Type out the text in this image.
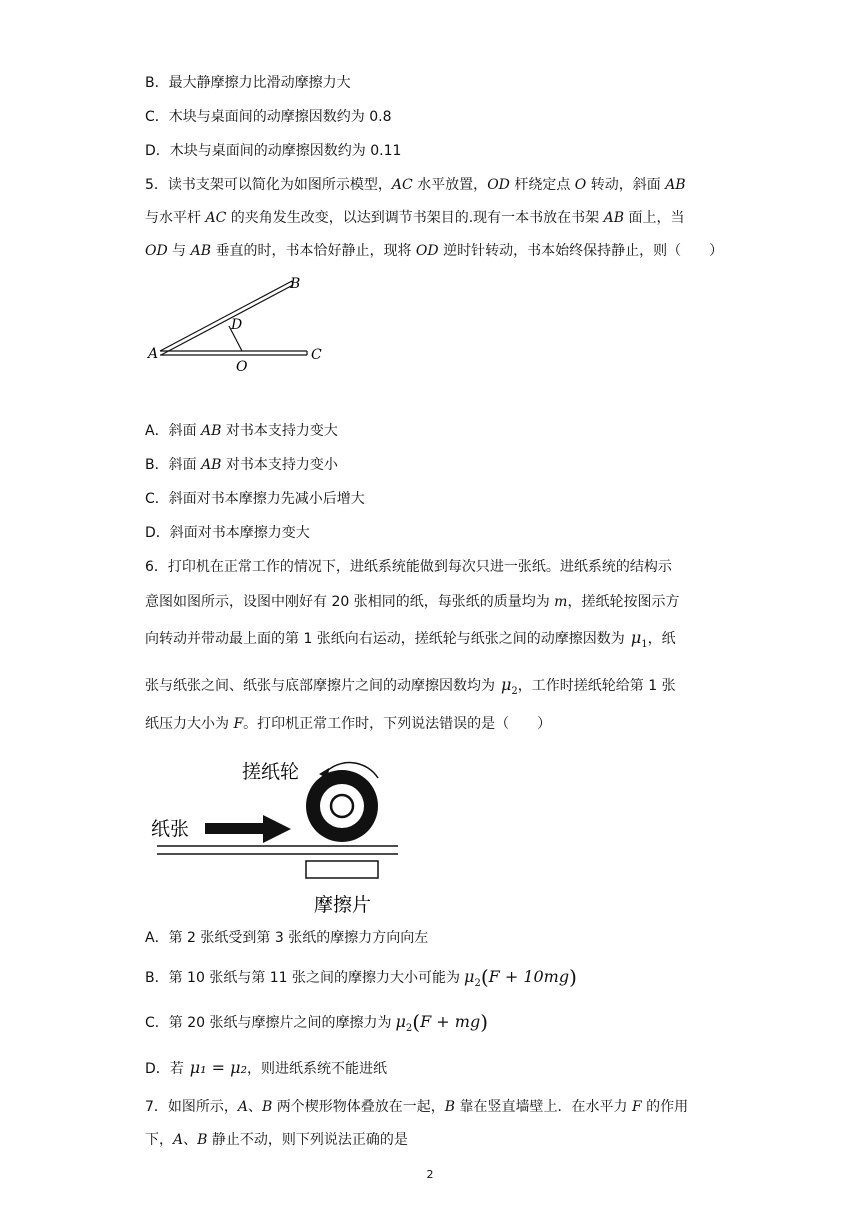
B．最大静摩擦力比滑动摩擦力大
C．木块与桌面间的动摩擦因数约为 0.8
D．木块与桌面间的动摩擦因数约为 0.11
5．读书支架可以简化为如图所示模型，AC 水平放置，OD 杆绕定点 O 转动，斜面 AB
与水平杆 AC 的夹角发生改变，以达到调节书架目的.现有一本书放在书架 AB 面上，当
OD 与 AB 垂直的时，书本恰好静止，现将 OD 逆时针转动，书本始终保持静止，则（　　）
A
B
C
D
O
A．斜面 AB 对书本支持力变大
B．斜面 AB 对书本支持力变小
C．斜面对书本摩擦力先减小后增大
D．斜面对书本摩擦力变大
6．打印机在正常工作的情况下，进纸系统能做到每次只进一张纸。进纸系统的结构示
意图如图所示，设图中刚好有 20 张相同的纸，每张纸的质量均为 m，搓纸轮按图示方
向转动并带动最上面的第 1 张纸向右运动，搓纸轮与纸张之间的动摩擦因数为 $\mu_1$，纸
张与纸张之间、纸张与底部摩擦片之间的动摩擦因数均为 $\mu_2$，工作时搓纸轮给第 1 张
纸压力大小为 F。打印机正常工作时，下列说法错误的是（　　）
搓纸轮
纸张
摩擦片
A．第 2 张纸受到第 3 张纸的摩擦力方向向左
B．第 10 张纸与第 11 张之间的摩擦力大小可能为 $\mu_2(F + 10mg)$
C．第 20 张纸与摩擦片之间的摩擦力为 $\mu_2(F + mg)$
D．若 μ₁ = μ₂，则进纸系统不能进纸
7．如图所示，A、B 两个楔形物体叠放在一起，B 靠在竖直墙壁上．在水平力 F 的作用
下，A、B 静止不动，则下列说法正确的是
2
